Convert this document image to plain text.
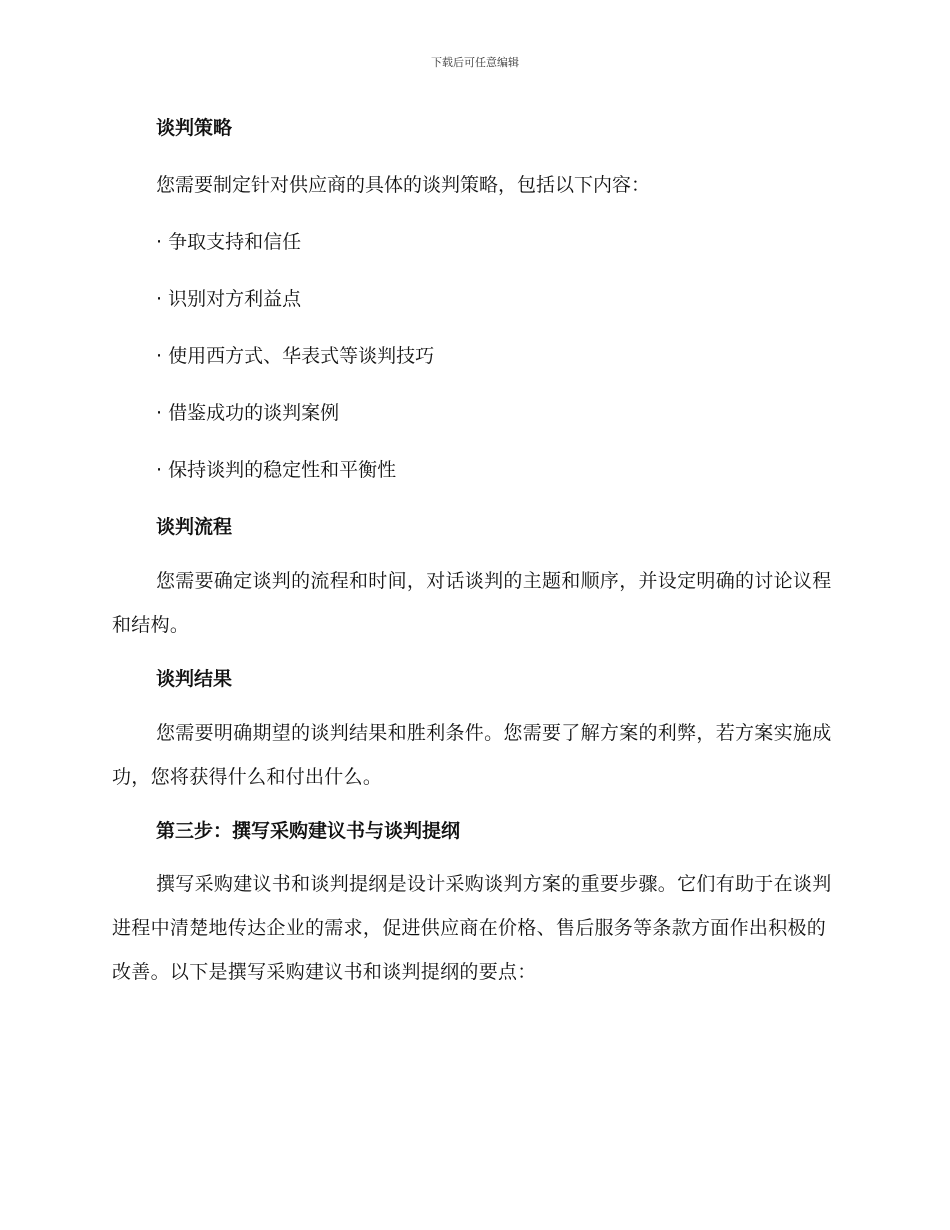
下载后可任意编辑
谈判策略
您需要制定针对供应商的具体的谈判策略，包括以下内容：
· 争取支持和信任
· 识别对方利益点
· 使用西方式、华表式等谈判技巧
· 借鉴成功的谈判案例
· 保持谈判的稳定性和平衡性
谈判流程

您需要确定谈判的流程和时间，对话谈判的主题和顺序，并设定明确的讨论议程和结构。

谈判结果

您需要明确期望的谈判结果和胜利条件。您需要了解方案的利弊，若方案实施成功，您将获得什么和付出什么。

第三步：撰写采购建议书与谈判提纲

撰写采购建议书和谈判提纲是设计采购谈判方案的重要步骤。它们有助于在谈判进程中清楚地传达企业的需求，促进供应商在价格、售后服务等条款方面作出积极的改善。以下是撰写采购建议书和谈判提纲的要点：
